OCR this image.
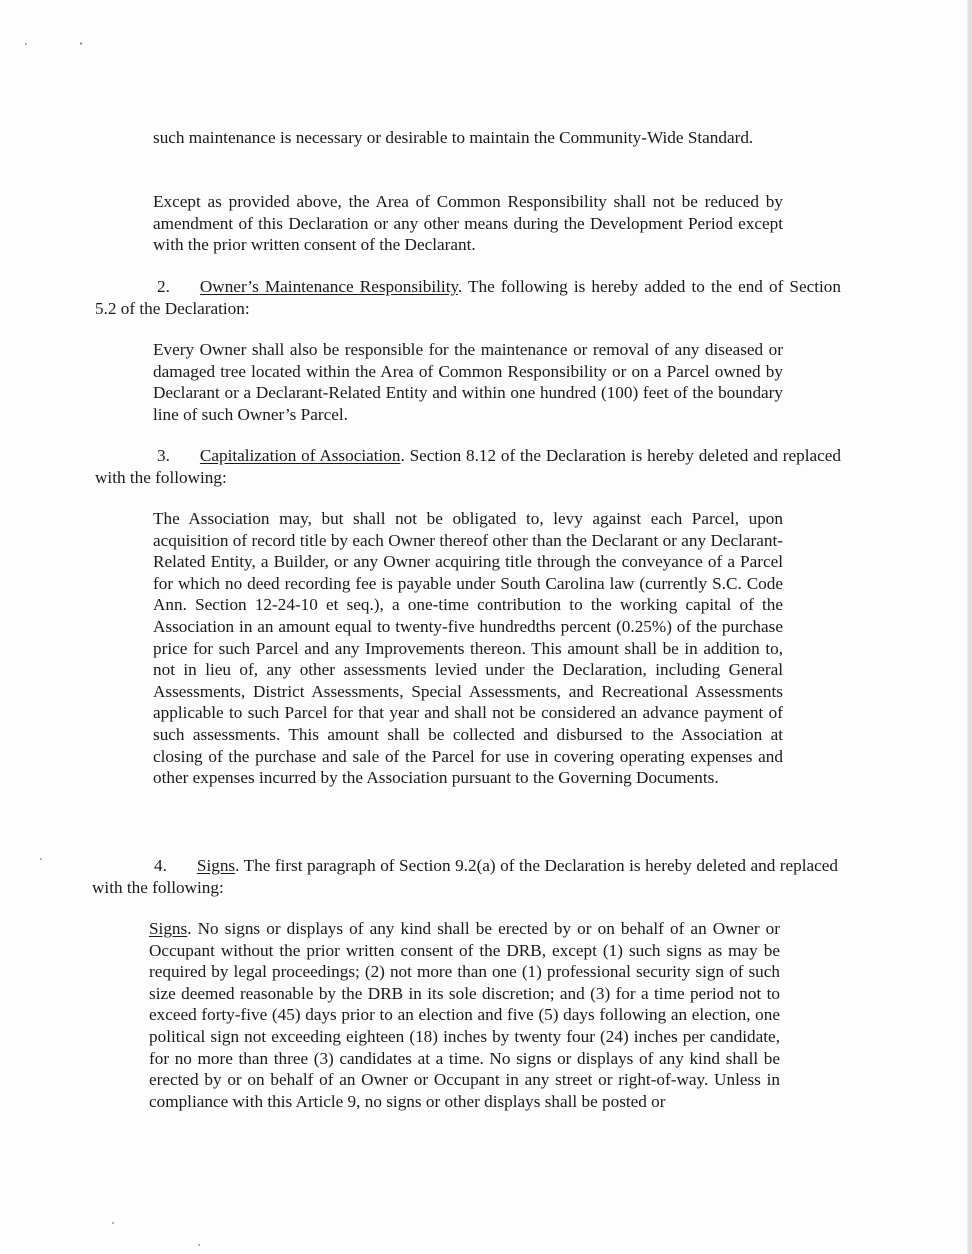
such maintenance is necessary or desirable to maintain the Community-Wide Standard.

Except as provided above, the Area of Common Responsibility shall not be reduced by amendment of this Declaration or any other means during the Development Period except with the prior written consent of the Declarant.

2. Owner’s Maintenance Responsibility. The following is hereby added to the end of Section 5.2 of the Declaration:

Every Owner shall also be responsible for the maintenance or removal of any diseased or damaged tree located within the Area of Common Responsibility or on a Parcel owned by Declarant or a Declarant-Related Entity and within one hundred (100) feet of the boundary line of such Owner’s Parcel.

3. Capitalization of Association. Section 8.12 of the Declaration is hereby deleted and replaced with the following:

The Association may, but shall not be obligated to, levy against each Parcel, upon acquisition of record title by each Owner thereof other than the Declarant or any Declarant-Related Entity, a Builder, or any Owner acquiring title through the conveyance of a Parcel for which no deed recording fee is payable under South Carolina law (currently S.C. Code Ann. Section 12-24-10 et seq.), a one-time contribution to the working capital of the Association in an amount equal to twenty-five hundredths percent (0.25%) of the purchase price for such Parcel and any Improvements thereon. This amount shall be in addition to, not in lieu of, any other assessments levied under the Declaration, including General Assessments, District Assessments, Special Assessments, and Recreational Assessments applicable to such Parcel for that year and shall not be considered an advance payment of such assessments. This amount shall be collected and disbursed to the Association at closing of the purchase and sale of the Parcel for use in covering operating expenses and other expenses incurred by the Association pursuant to the Governing Documents.

4. Signs. The first paragraph of Section 9.2(a) of the Declaration is hereby deleted and replaced with the following:

Signs. No signs or displays of any kind shall be erected by or on behalf of an Owner or Occupant without the prior written consent of the DRB, except (1) such signs as may be required by legal proceedings; (2) not more than one (1) professional security sign of such size deemed reasonable by the DRB in its sole discretion; and (3) for a time period not to exceed forty-five (45) days prior to an election and five (5) days following an election, one political sign not exceeding eighteen (18) inches by twenty four (24) inches per candidate, for no more than three (3) candidates at a time. No signs or displays of any kind shall be erected by or on behalf of an Owner or Occupant in any street or right-of-way. Unless in compliance with this Article 9, no signs or other displays shall be posted or
